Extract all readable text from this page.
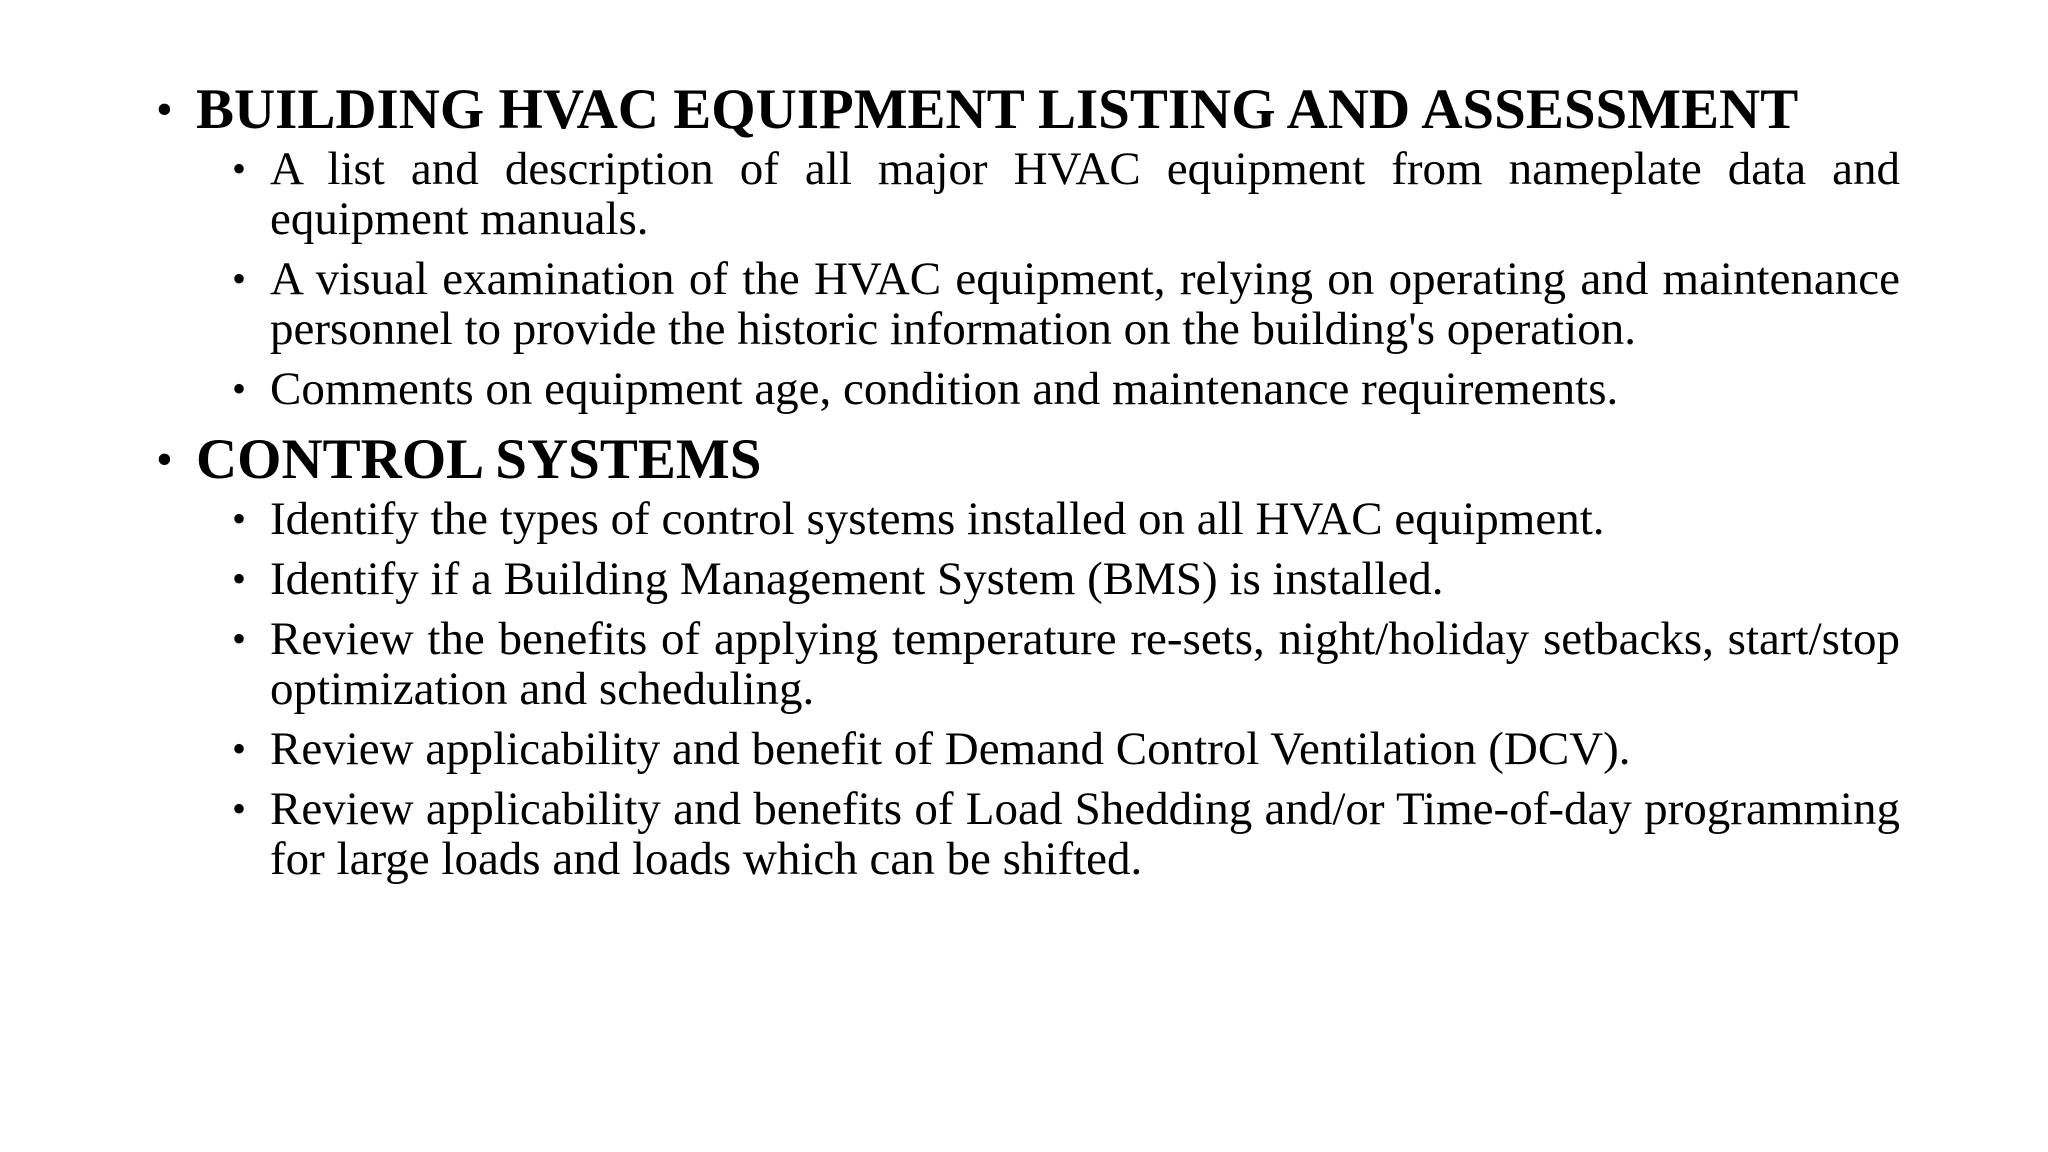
• BUILDING HVAC EQUIPMENT LISTING AND ASSESSMENT
• A list and description of all major HVAC equipment from nameplate data and equipment manuals.
• A visual examination of the HVAC equipment, relying on operating and maintenance personnel to provide the historic information on the building's operation.
• Comments on equipment age, condition and maintenance requirements.
• CONTROL SYSTEMS
• Identify the types of control systems installed on all HVAC equipment.
• Identify if a Building Management System (BMS) is installed.
• Review the benefits of applying temperature re-sets, night/holiday setbacks, start/stop optimization and scheduling.
• Review applicability and benefit of Demand Control Ventilation (DCV).
• Review applicability and benefits of Load Shedding and/or Time-of-day programming for large loads and loads which can be shifted.
